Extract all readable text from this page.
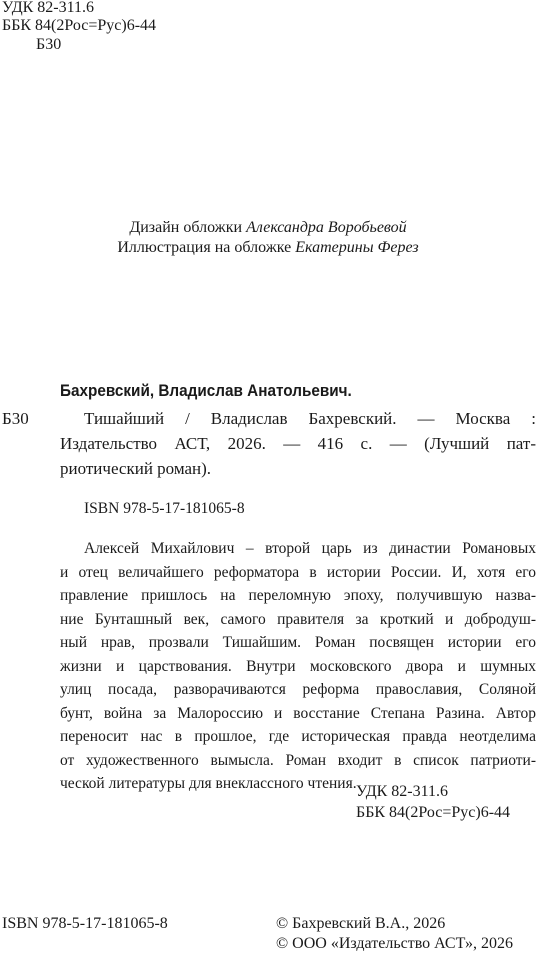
УДК 82-311.6
ББК 84(2Рос=Рус)6-44
Б30
Дизайн обложки Александра Воробьевой
Иллюстрация на обложке Екатерины Ферез
Бахревский, Владислав Анатольевич.
Б30	Тишайший / Владислав Бахревский. — Москва :
Издательство АСТ, 2026. — 416 с. — (Лучший пат-
риотический роман).
ISBN 978-5-17-181065-8
Алексей Михайлович – второй царь из династии Романовых
и отец величайшего реформатора в истории России. И, хотя его
правление пришлось на переломную эпоху, получившую назва-
ние Бунташный век, самого правителя за кроткий и добродуш-
ный нрав, прозвали Тишайшим. Роман посвящен истории его
жизни и царствования. Внутри московского двора и шумных
улиц посада, разворачиваются реформа православия, Соляной
бунт, война за Малороссию и восстание Степана Разина. Автор
переносит нас в прошлое, где историческая правда неотделима
от художественного вымысла. Роман входит в список патриоти-
ческой литературы для внеклассного чтения. УДК 82-311.6
ББК 84(2Рос=Рус)6-44
ISBN 978-5-17-181065-8	© Бахревский В.А., 2026
© ООО «Издательство АСТ», 2026
